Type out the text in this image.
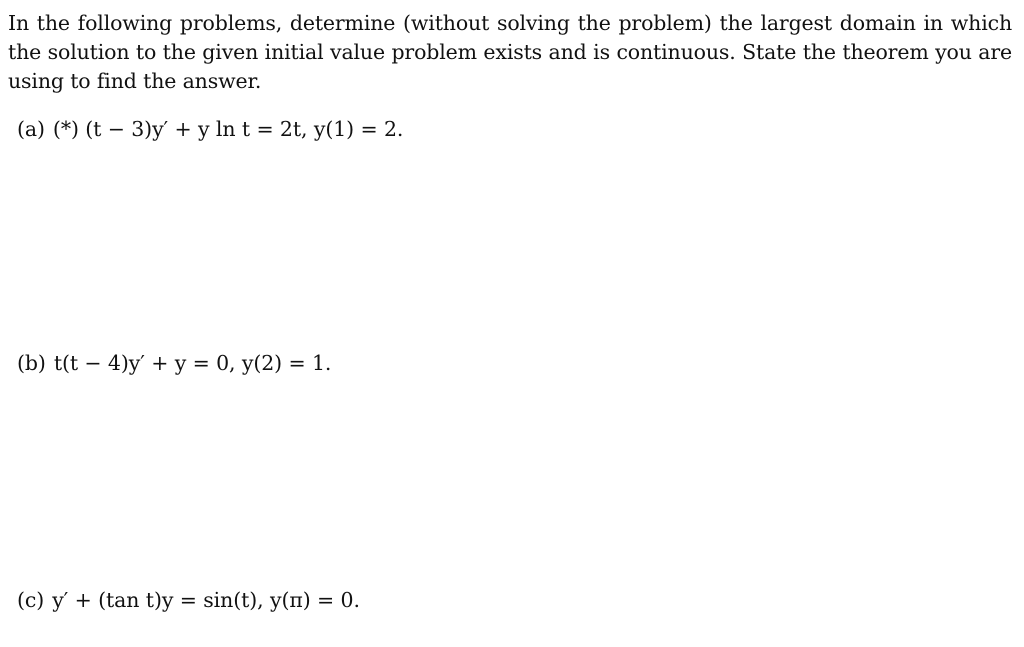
In the following problems, determine (without solving the problem) the largest domain in which the solution to the given initial value problem exists and is continuous. State the theorem you are using to find the answer.
(a) (*) (t − 3)y′ + y ln t = 2t, y(1) = 2.
(b) t(t − 4)y′ + y = 0, y(2) = 1.
(c) y′ + (tan t)y = sin(t), y(π) = 0.
